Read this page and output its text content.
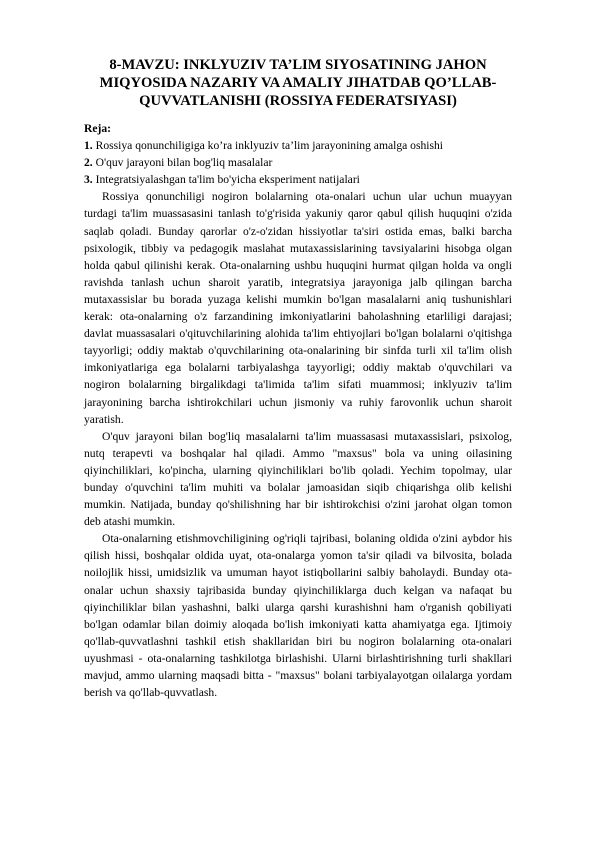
8-MAVZU: INKLYUZIV TA’LIM SIYOSATINING JAHON
MIQYOSIDA NAZARIY VA AMALIY JIHATDAB QO’LLAB-
QUVVATLANISHI (ROSSIYA FEDERATSIYASI)
Reja:
1. Rossiya qonunchiligiga ko’ra inklyuziv ta’lim jarayonining amalga oshishi
2. O'quv jarayoni bilan bog'liq masalalar
3. Integratsiyalashgan ta'lim bo'yicha eksperiment natijalari

Rossiya qonunchiligi nogiron bolalarning ota-onalari uchun ular uchun muayyan turdagi ta'lim muassasasini tanlash to'g'risida yakuniy qaror qabul qilish huquqini o'zida saqlab qoladi. Bunday qarorlar o'z-o'zidan hissiyotlar ta'siri ostida emas, balki barcha psixologik, tibbiy va pedagogik maslahat mutaxassislarining tavsiyalarini hisobga olgan holda qabul qilinishi kerak. Ota-onalarning ushbu huquqini hurmat qilgan holda va ongli ravishda tanlash uchun sharoit yaratib, integratsiya jarayoniga jalb qilingan barcha mutaxassislar bu borada yuzaga kelishi mumkin bo'lgan masalalarni aniq tushunishlari kerak: ota-onalarning o'z farzandining imkoniyatlarini baholashning etarliligi darajasi; davlat muassasalari o'qituvchilarining alohida ta'lim ehtiyojlari bo'lgan bolalarni o'qitishga tayyorligi; oddiy maktab o'quvchilarining ota-onalarining bir sinfda turli xil ta'lim olish imkoniyatlariga ega bolalarni tarbiyalashga tayyorligi; oddiy maktab o'quvchilari va nogiron bolalarning birgalikdagi ta'limida ta'lim sifati muammosi; inklyuziv ta'lim jarayonining barcha ishtirokchilari uchun jismoniy va ruhiy farovonlik uchun sharoit yaratish.

O'quv jarayoni bilan bog'liq masalalarni ta'lim muassasasi mutaxassislari, psixolog, nutq terapevti va boshqalar hal qiladi. Ammo "maxsus" bola va uning oilasining qiyinchiliklari, ko'pincha, ularning qiyinchiliklari bo'lib qoladi. Yechim topolmay, ular bunday o'quvchini ta'lim muhiti va bolalar jamoasidan siqib chiqarishga olib kelishi mumkin. Natijada, bunday qo'shilishning har bir ishtirokchisi o'zini jarohat olgan tomon deb atashi mumkin.

Ota-onalarning etishmovchiligining og'riqli tajribasi, bolaning oldida o'zini aybdor his qilish hissi, boshqalar oldida uyat, ota-onalarga yomon ta'sir qiladi va bilvosita, bolada noilojlik hissi, umidsizlik va umuman hayot istiqbollarini salbiy baholaydi. Bunday ota-onalar uchun shaxsiy tajribasida bunday qiyinchiliklarga duch kelgan va nafaqat bu qiyinchiliklar bilan yashashni, balki ularga qarshi kurashishni ham o'rganish qobiliyati bo'lgan odamlar bilan doimiy aloqada bo'lish imkoniyati katta ahamiyatga ega. Ijtimoiy qo'llab-quvvatlashni tashkil etish shakllaridan biri bu nogiron bolalarning ota-onalari uyushmasi - ota-onalarning tashkilotga birlashishi. Ularni birlashtirishning turli shakllari mavjud, ammo ularning maqsadi bitta - "maxsus" bolani tarbiyalayotgan oilalarga yordam berish va qo'llab-quvvatlash.
